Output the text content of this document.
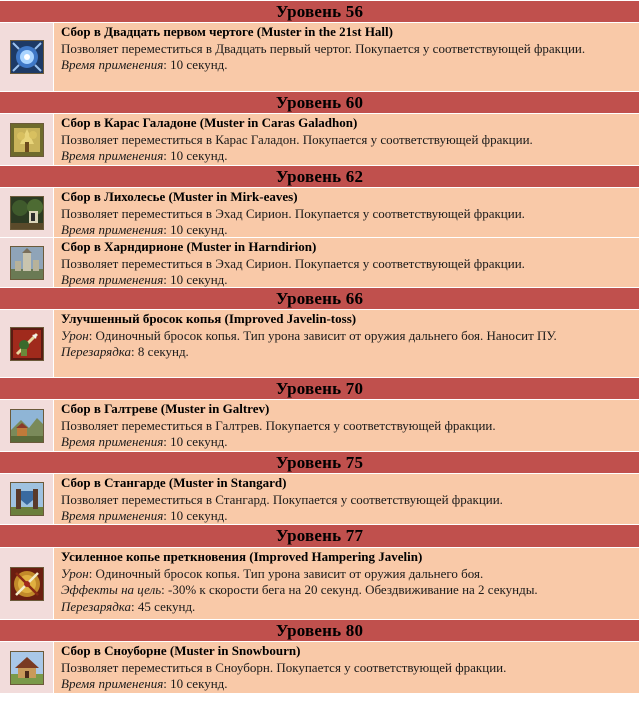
Уровень 56
Сбор в Двадцать первом чертоге (Muster in the 21st Hall)
Позволяет переместиться в Двадцать первый чертог. Покупается у соответствующей фракции.
Время применения: 10 секунд.
Уровень 60
Сбор в Карас Галадоне (Muster in Caras Galadhon)
Позволяет переместиться в Карас Галадон. Покупается у соответствующей фракции.
Время применения: 10 секунд.
Уровень 62
Сбор в Лихолесье (Muster in Mirk-eaves)
Позволяет переместиться в Эхад Сирион. Покупается у соответствующей фракции.
Время применения: 10 секунд.
Сбор в Харндирионе (Muster in Harndirion)
Позволяет переместиться в Эхад Сирион. Покупается у соответствующей фракции.
Время применения: 10 секунд.
Уровень 66
Улучшенный бросок копья (Improved Javelin-toss)
Урон: Одиночный бросок копья. Тип урона зависит от оружия дальнего боя. Наносит ПУ.
Перезарядка: 8 секунд.
Уровень 70
Сбор в Галтреве (Muster in Galtrev)
Позволяет переместиться в Галтрев. Покупается у соответствующей фракции.
Время применения: 10 секунд.
Уровень 75
Сбор в Стангарде (Muster in Stangard)
Позволяет переместиться в Стангард. Покупается у соответствующей фракции.
Время применения: 10 секунд.
Уровень 77
Усиленное копье преткновения (Improved Hampering Javelin)
Урон: Одиночный бросок копья. Тип урона зависит от оружия дальнего боя.
Эффекты на цель: -30% к скорости бега на 20 секунд. Обездвиживание на 2 секунды.
Перезарядка: 45 секунд.
Уровень 80
Сбор в Сноуборне (Muster in Snowbourn)
Позволяет переместиться в Сноуборн. Покупается у соответствующей фракции.
Время применения: 10 секунд.
